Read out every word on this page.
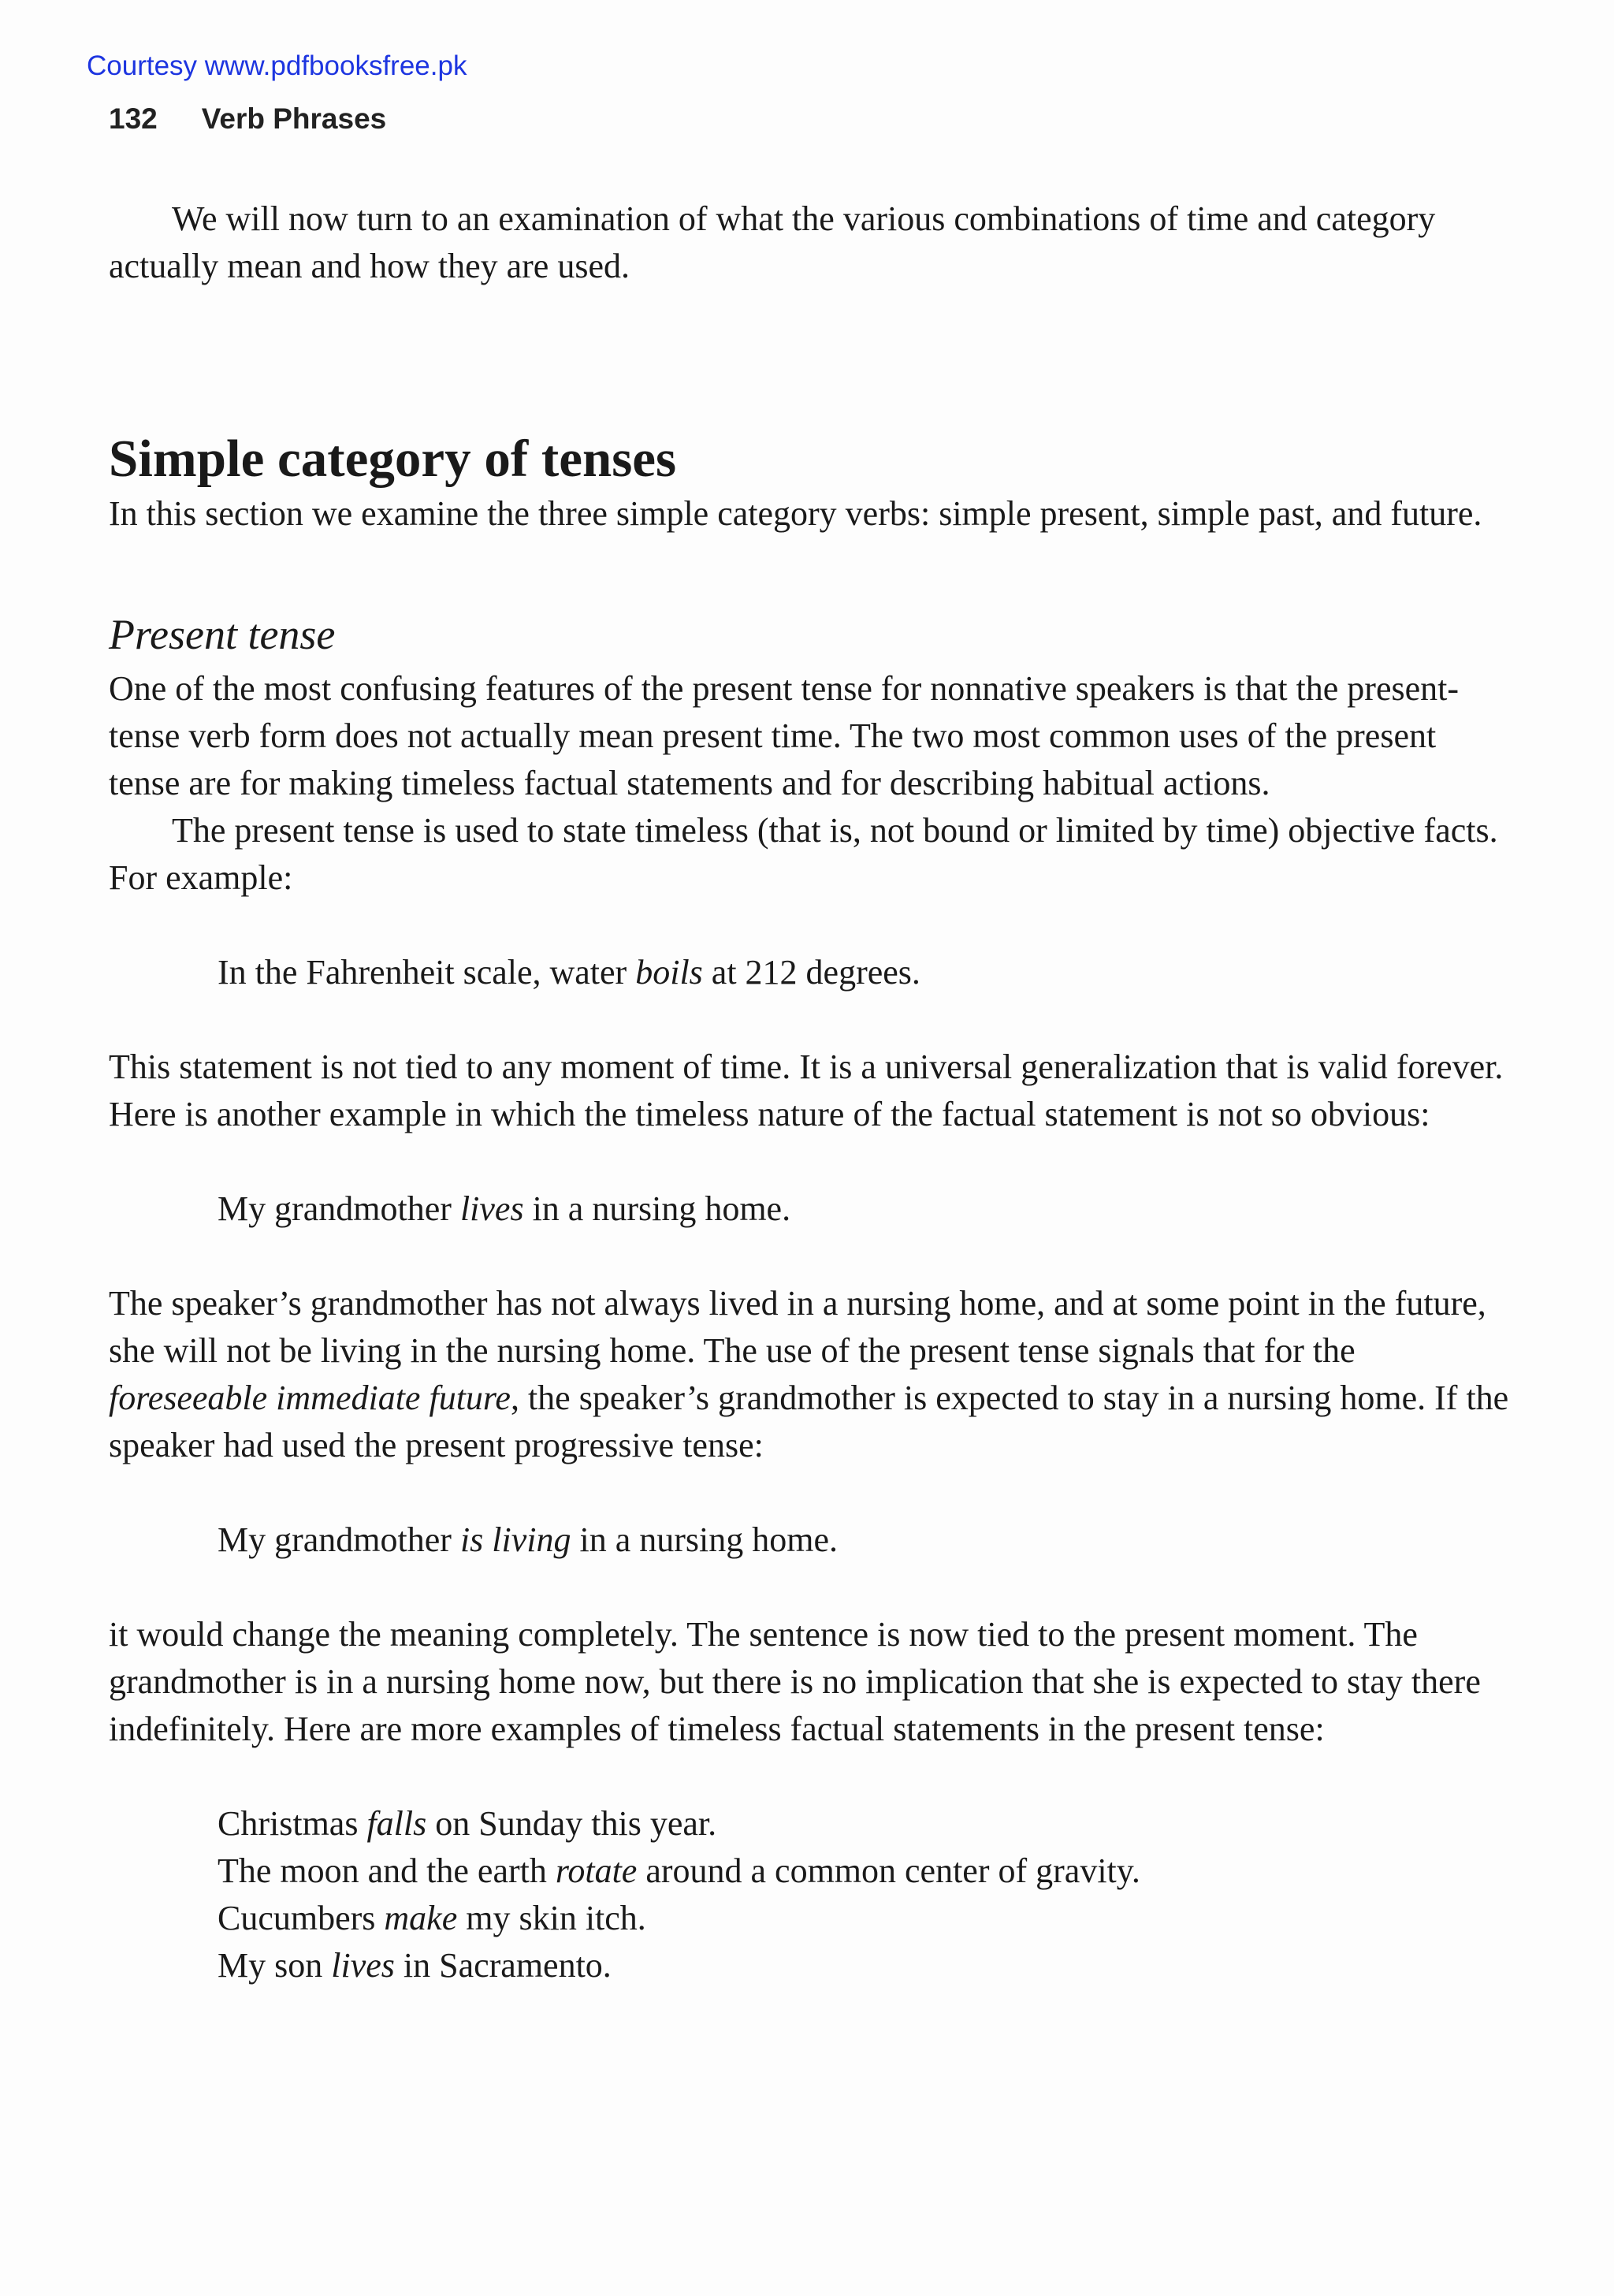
Courtesy www.pdfbooksfree.pk
132 Verb Phrases

We will now turn to an examination of what the various combinations of time and category actually mean and how they are used.

Simple category of tenses

In this section we examine the three simple category verbs: simple present, simple past, and future.

Present tense

One of the most confusing features of the present tense for nonnative speakers is that the present-tense verb form does not actually mean present time. The two most common uses of the present tense are for making timeless factual statements and for describing habitual actions.

The present tense is used to state timeless (that is, not bound or limited by time) objective facts. For example:

In the Fahrenheit scale, water boils at 212 degrees.

This statement is not tied to any moment of time. It is a universal generalization that is valid forever. Here is another example in which the timeless nature of the factual statement is not so obvious:

My grandmother lives in a nursing home.

The speaker’s grandmother has not always lived in a nursing home, and at some point in the future, she will not be living in the nursing home. The use of the present tense signals that for the foreseeable immediate future, the speaker’s grandmother is expected to stay in a nursing home. If the speaker had used the present progressive tense:

My grandmother is living in a nursing home.

it would change the meaning completely. The sentence is now tied to the present moment. The grandmother is in a nursing home now, but there is no implication that she is expected to stay there indefinitely. Here are more examples of timeless factual statements in the present tense:

Christmas falls on Sunday this year.

The moon and the earth rotate around a common center of gravity.

Cucumbers make my skin itch.

My son lives in Sacramento.
